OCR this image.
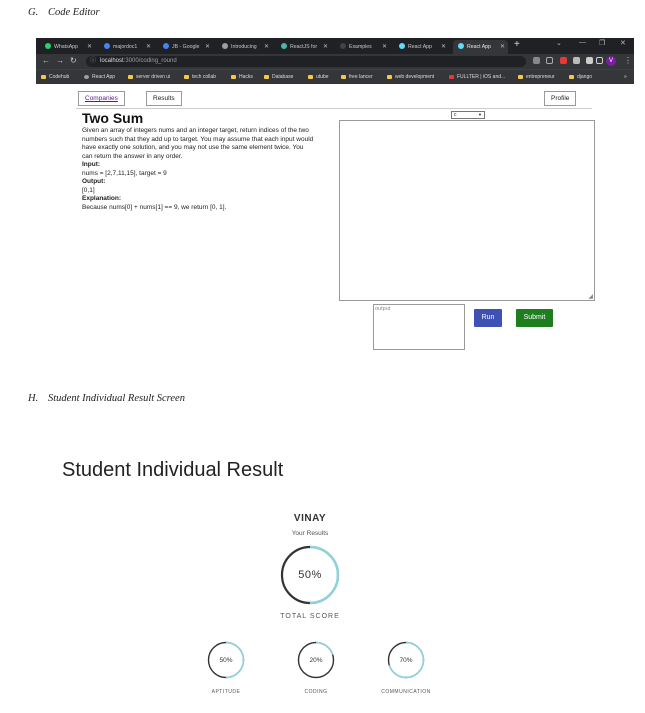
G. Code Editor
H. Student Individual Result Screen
WhatsApp ✕	majordoc1 ✕	JB - Google ✕	Introducing ✕	ReactJS for ✕	Examples ✕	React App ✕	React App ✕ +	⌄ — ❐ ✕
← → ↻ ⓘ localhost:3000/coding_round	V	⋮
Codehub	React App	server driven ui	tech collab	Hacks	Database	utube	free lancer	web development	FULLTER | iOS and...	entrepreneur	django	»
Companies	Results	Profile
c	▼
Two Sum

Given an array of integers nums and an integer target, return indices of the two numbers such that they add up to target. You may assume that each input would have exactly one solution, and you may not use the same element twice. You can return the answer in any order.

Input:

nums = [2,7,11,15], target = 9

Output:

[0,1]

Explanation:

Because nums[0] + nums[1] == 9, we return [0, 1].

◢
output
Run	Submit
Student Individual Result
VINAY
Your Results
50%
TOTAL SCORE
50%
APTITUDE
20%
CODING
70%
COMMUNICATION
